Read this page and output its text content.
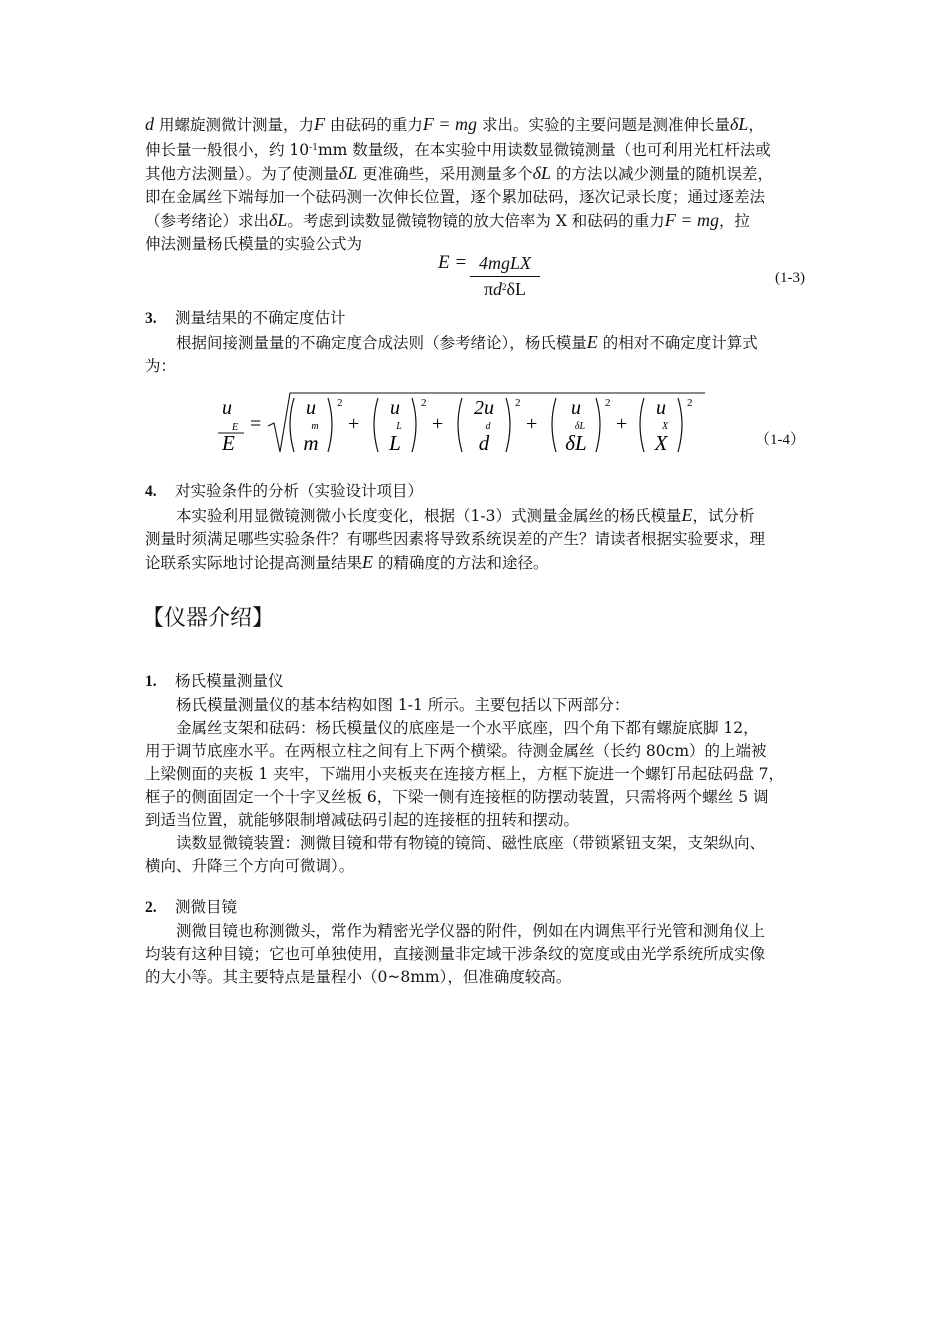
d 用螺旋测微计测量，力F 由砝码的重力F = mg 求出。实验的主要问题是测准伸长量δL，
伸长量一般很小，约 $10^{-1}mm$ 数量级，在本实验中用读数显微镜测量（也可利用光杠杆法或
其他方法测量）。为了使测量δL 更准确些，采用测量多个δL 的方法以减少测量的随机误差，
即在金属丝下端每加一个砝码测一次伸长位置，逐个累加砝码，逐次记录长度；通过逐差法
（参考绪论）求出δL。考虑到读数显微镜物镜的放大倍率为 X 和砝码的重力F = mg，拉
伸法测量杨氏模量的实验公式为
E = 4mgLX
$\pi d^2\delta L$
(1-3)
3. 测量结果的不确定度估计
根据间接测量量的不确定度合成法则（参考绪论），杨氏模量E 的相对不确定度计算式
为：
u
E
E
=
u
m
m
2
+
u
L
L
2
+
2u
d
d
2
+
u
δL
δL
2
+
u
X
X
2
（1-4）
4. 对实验条件的分析（实验设计项目）
本实验利用显微镜测微小长度变化，根据（1-3）式测量金属丝的杨氏模量E，试分析
测量时须满足哪些实验条件？有哪些因素将导致系统误差的产生？请读者根据实验要求，理
论联系实际地讨论提高测量结果E 的精确度的方法和途径。
【仪器介绍】
1. 杨氏模量测量仪
杨氏模量测量仪的基本结构如图 1-1 所示。主要包括以下两部分：
金属丝支架和砝码：杨氏模量仪的底座是一个水平底座，四个角下都有螺旋底脚 12，
用于调节底座水平。在两根立柱之间有上下两个横梁。待测金属丝（长约 80cm）的上端被
上梁侧面的夹板 1 夹牢，下端用小夹板夹在连接方框上，方框下旋进一个螺钉吊起砝码盘 7，
框子的侧面固定一个十字叉丝板 6，下梁一侧有连接框的防摆动装置，只需将两个螺丝 5 调
到适当位置，就能够限制增减砝码引起的连接框的扭转和摆动。
读数显微镜装置：测微目镜和带有物镜的镜筒、磁性底座（带锁紧钮支架，支架纵向、
横向、升降三个方向可微调）。
2. 测微目镜
测微目镜也称测微头，常作为精密光学仪器的附件，例如在内调焦平行光管和测角仪上
均装有这种目镜；它也可单独使用，直接测量非定域干涉条纹的宽度或由光学系统所成实像
的大小等。其主要特点是量程小（0~8mm），但准确度较高。
